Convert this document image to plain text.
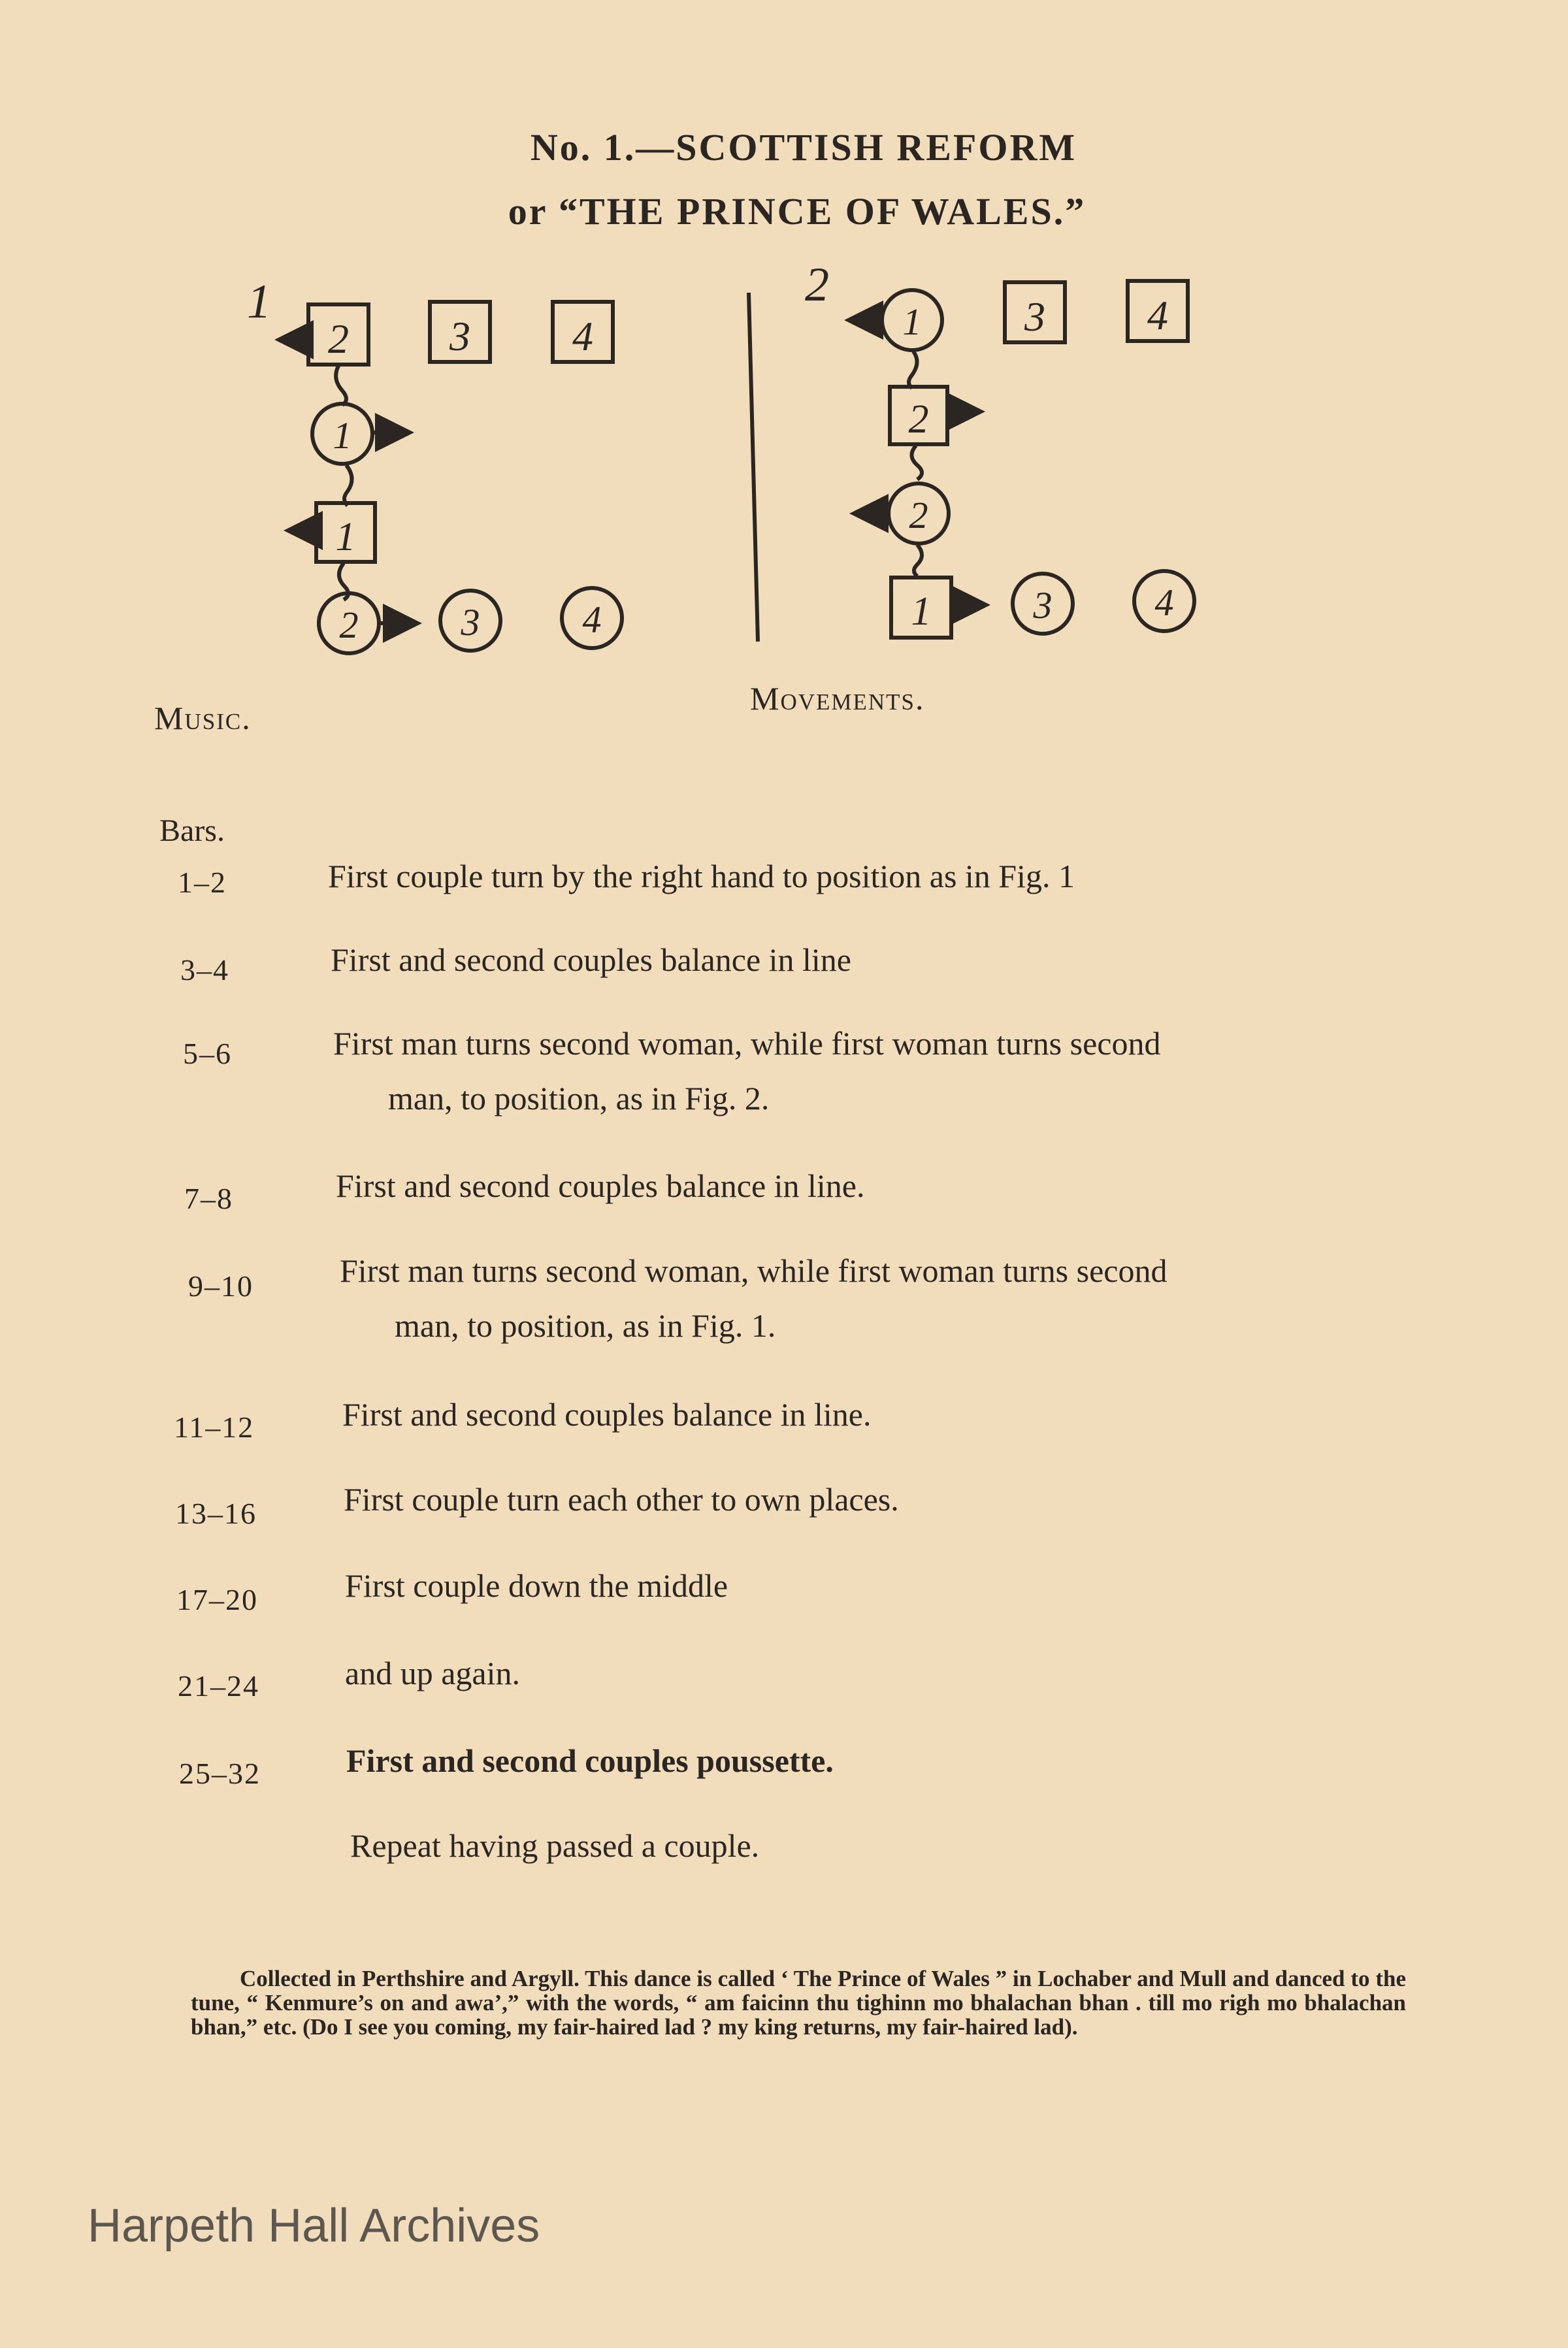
No. 1.—SCOTTISH REFORM
or “THE PRINCE OF WALES.”
1
2 3 4
1
1
2	3	4
2
1 3 4
2
2
1	3	4
Music.
Movements.
Bars.
1–2	First couple turn by the right hand to position as in Fig. 1
3–4	First and second couples balance in line
5–6	First man turns second woman, while first woman turns second
man, to position, as in Fig. 2.
7–8	First and second couples balance in line.
9–10	First man turns second woman, while first woman turns second
man, to position, as in Fig. 1.
11–12	First and second couples balance in line.
13–16	First couple turn each other to own places.
17–20	First couple down the middle
21–24	and up again.
25–32	First and second couples poussette.
Repeat having passed a couple.
Collected in Perthshire and Argyll. This dance is called ‘ The Prince of Wales ” in Lochaber and Mull and danced to the tune, “ Kenmure’s on and awa’,” with the words, “ am faicinn thu tighinn mo bhalachan bhan . till mo righ mo bhalachan bhan,” etc. (Do I see you coming, my fair-haired lad ? my king returns, my fair-haired lad).
Harpeth Hall Archives
